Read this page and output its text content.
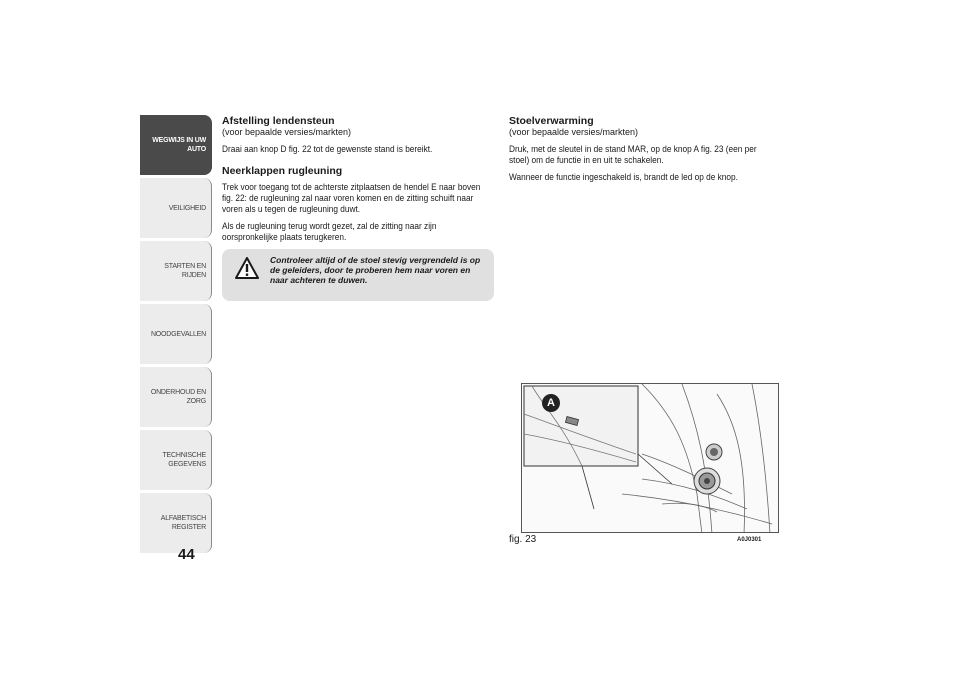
WEGWIJS IN UW
AUTO
VEILIGHEID
STARTEN EN RIJDEN
NOODGEVALLEN
ONDERHOUD EN
ZORG
TECHNISCHE
GEGEVENS
ALFABETISCH
REGISTER
44
Afstelling lendensteun

(voor bepaalde versies/markten)

Draai aan knop D fig. 22 tot de gewenste stand is bereikt.

Neerklappen rugleuning

Trek voor toegang tot de achterste zitplaatsen de hendel E naar boven fig. 22: de rugleuning zal naar voren komen en de zitting schuift naar voren als u tegen de rugleuning duwt.

Als de rugleuning terug wordt gezet, zal de zitting naar zijn oorspronkelijke plaats terugkeren.

Controleer altijd of de stoel stevig vergrendeld is op de geleiders, door te proberen hem naar voren en naar achteren te duwen.
Stoelverwarming

(voor bepaalde versies/markten)

Druk, met de sleutel in de stand MAR, op de knop A fig. 23 (een per stoel) om de functie in en uit te schakelen.

Wanneer de functie ingeschakeld is, brandt de led op de knop.

A
fig. 23	A0J0301
